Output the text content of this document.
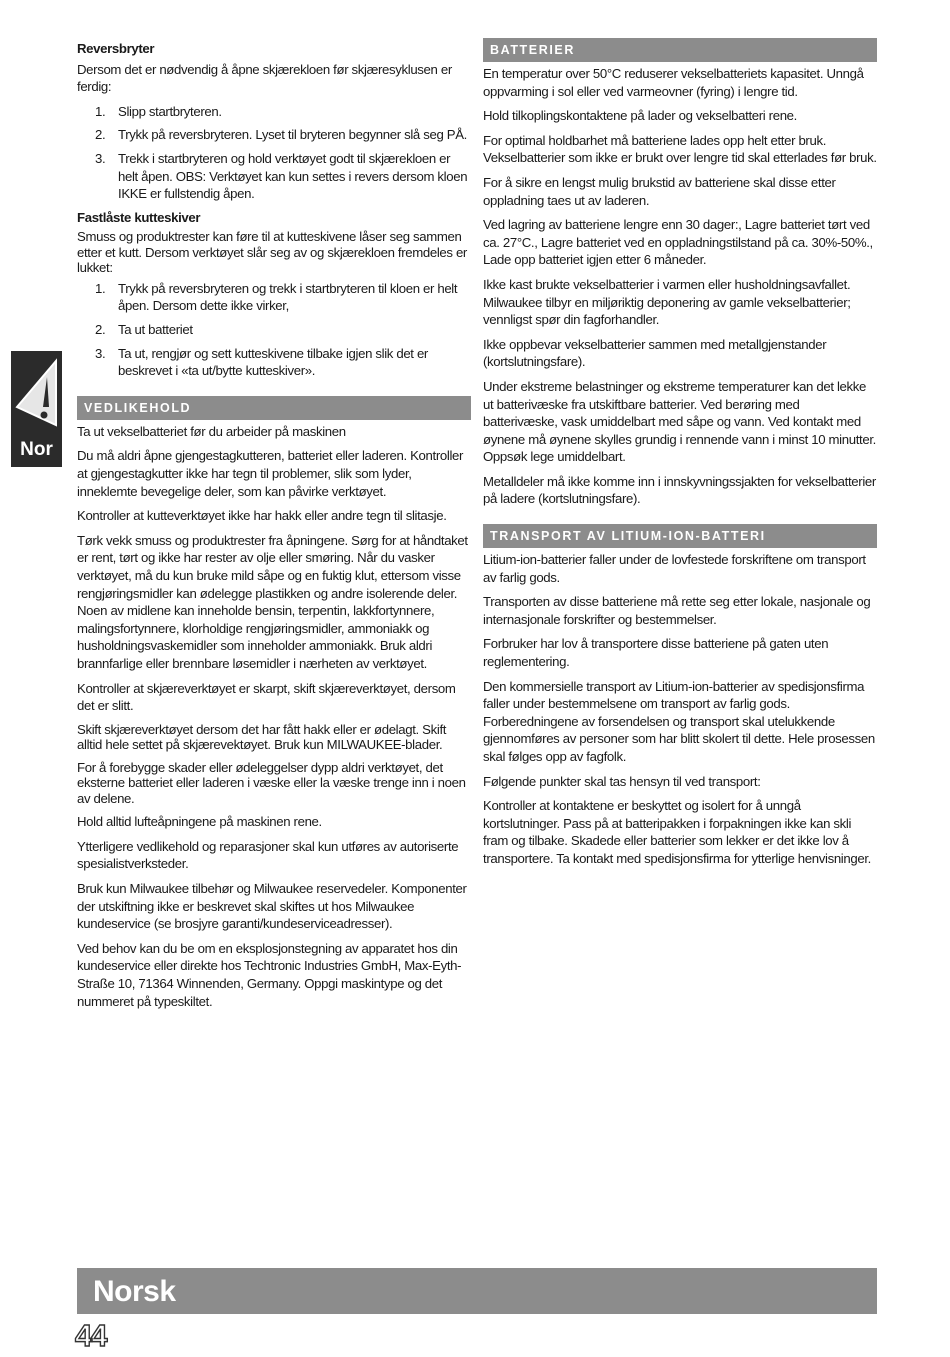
Nor
Reversbryter

Dersom det er nødvendig å åpne skjærekloen før skjæresyklusen er ferdig:

1. Slipp startbryteren.
2. Trykk på reversbryteren. Lyset til bryteren begynner slå seg PÅ.
3. Trekk i startbryteren og hold verktøyet godt til skjærekloen er helt åpen. OBS: Verktøyet kan kun settes i revers dersom kloen IKKE er fullstendig åpen.
Fastlåste kutteskiver

Smuss og produktrester kan føre til at kutteskivene låser seg sammen etter et kutt. Dersom verktøyet slår seg av og skjærekloen fremdeles er lukket:

1. Trykk på reversbryteren og trekk i startbryteren til kloen er helt åpen. Dersom dette ikke virker,
2. Ta ut batteriet
3. Ta ut, rengjør og sett kutteskivene tilbake igjen slik det er beskrevet i «ta ut/bytte kutteskiver».
VEDLIKEHOLD

Ta ut vekselbatteriet før du arbeider på maskinen

Du må aldri åpne gjengestagkutteren, batteriet eller laderen. Kontroller at gjengestagkutter ikke har tegn til problemer, slik som lyder, inneklemte bevegelige deler, som kan påvirke verktøyet.

Kontroller at kutteverktøyet ikke har hakk eller andre tegn til slitasje.

Tørk vekk smuss og produktrester fra åpningene. Sørg for at håndtaket er rent, tørt og ikke har rester av olje eller smøring. Når du vasker verktøyet, må du kun bruke mild såpe og en fuktig klut, ettersom visse rengjøringsmidler kan ødelegge plastikken og andre isolerende deler. Noen av midlene kan inneholde bensin, terpentin, lakkfortynnere, malingsfortynnere, klorholdige rengjøringsmidler, ammoniakk og husholdningsvaskemidler som inneholder ammoniakk. Bruk aldri brannfarlige eller brennbare løsemidler i nærheten av verktøyet.

Kontroller at skjæreverktøyet er skarpt, skift skjæreverktøyet, dersom det er slitt.

Skift skjæreverktøyet dersom det har fått hakk eller er ødelagt. Skift alltid hele settet på skjærevektøyet. Bruk kun MILWAUKEE-blader.

For å forebygge skader eller ødeleggelser dypp aldri verktøyet, det eksterne batteriet eller laderen i væske eller la væske trenge inn i noen av delene.

Hold alltid lufteåpningene på maskinen rene.

Ytterligere vedlikehold og reparasjoner skal kun utføres av autoriserte spesialistverksteder.

Bruk kun Milwaukee tilbehør og Milwaukee reservedeler. Komponenter der utskiftning ikke er beskrevet skal skiftes ut hos Milwaukee kundeservice (se brosjyre garanti/kundeserviceadresser).

Ved behov kan du be om en eksplosjonstegning av apparatet hos din kundeservice eller direkte hos Techtronic Industries GmbH, Max-Eyth-Straße 10, 71364 Winnenden, Germany. Oppgi maskintype og det nummeret på typeskiltet.

BATTERIER

En temperatur over 50°C reduserer vekselbatteriets kapasitet. Unngå oppvarming i sol eller ved varmeovner (fyring) i lengre tid.

Hold tilkoplingskontaktene på lader og vekselbatteri rene.

For optimal holdbarhet må batteriene lades opp helt etter bruk. Vekselbatterier som ikke er brukt over lengre tid skal etterlades før bruk.

For å sikre en lengst mulig brukstid av batteriene skal disse etter oppladning taes ut av laderen.

Ved lagring av batteriene lengre enn 30 dager:, Lagre batteriet tørt ved ca. 27°C., Lagre batteriet ved en oppladningstilstand på ca. 30%-50%., Lade opp batteriet igjen etter 6 måneder.

Ikke kast brukte vekselbatterier i varmen eller husholdningsavfallet. Milwaukee tilbyr en miljøriktig deponering av gamle vekselbatterier; vennligst spør din fagforhandler.

Ikke oppbevar vekselbatterier sammen med metallgjenstander (kortslutningsfare).

Under ekstreme belastninger og ekstreme temperaturer kan det lekke ut batterivæske fra utskiftbare batterier. Ved berøring med batterivæske, vask umiddelbart med såpe og vann. Ved kontakt med øynene må øynene skylles grundig i rennende vann i minst 10 minutter. Oppsøk lege umiddelbart.

Metalldeler må ikke komme inn i innskyvningssjakten for vekselbatterier på ladere (kortslutningsfare).

TRANSPORT AV LITIUM-ION-BATTERI

Litium-ion-batterier faller under de lovfestede forskriftene om transport av farlig gods.

Transporten av disse batteriene må rette seg etter lokale, nasjonale og internasjonale forskrifter og bestemmelser.

Forbruker har lov å transportere disse batteriene på gaten uten reglementering.

Den kommersielle transport av Litium-ion-batterier av spedisjonsfirma faller under bestemmelsene om transport av farlig gods. Forberedningene av forsendelsen og transport skal utelukkende gjennomføres av personer som har blitt skolert til dette. Hele prosessen skal følges opp av fagfolk.

Følgende punkter skal tas hensyn til ved transport:

Kontroller at kontaktene er beskyttet og isolert for å unngå kortslutninger. Pass på at batteripakken i forpakningen ikke kan skli fram og tilbake. Skadede eller batterier som lekker er det ikke lov å transportere. Ta kontakt med spedisjonsfirma for ytterlige henvisninger.

Norsk
44
